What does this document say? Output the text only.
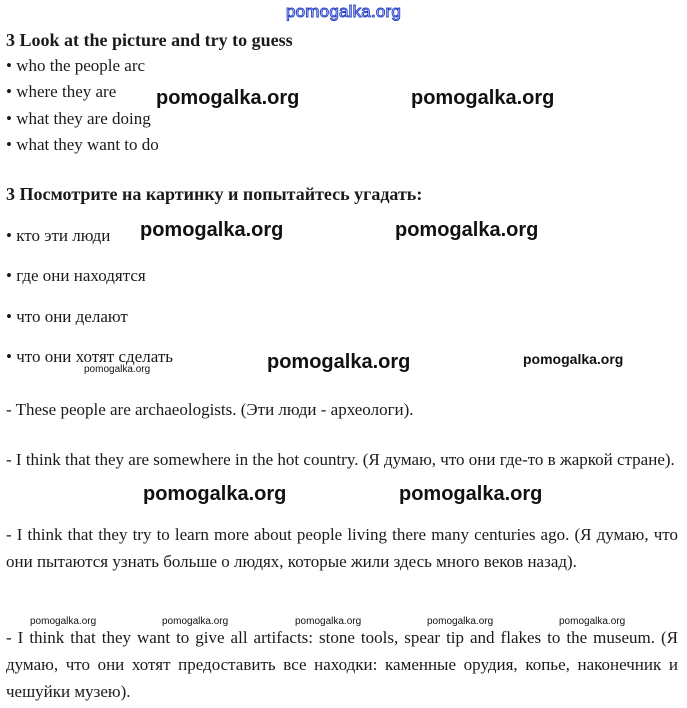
pomogalka.org
3 Look at the picture and try to guess
• who the people arc
• where they are
• what they are doing
• what they want to do
3 Посмотрите на картинку и попытайтесь угадать:
• кто эти люди
• где они находятся
• что они делают
• что они хотят сделать
- These people are archaeologists. (Эти люди - археологи).
- I think that they are somewhere in the hot country. (Я думаю, что они где-то в жаркой стране).
- I think that they try to learn more about people living there many centuries ago. (Я думаю, что они пытаются узнать больше о людях, которые жили здесь много веков назад).
- I think that they want to give all artifacts: stone tools, spear tip and flakes to the museum. (Я думаю, что они хотят предоставить все находки: каменные орудия, копье, наконечник и чешуйки музею).
pomogalka.org	pomogalka.org
pomogalka.org	pomogalka.org
pomogalka.org	pomogalka.org
pomogalka.org
pomogalka.org	pomogalka.org
pomogalka.org	pomogalka.org	pomogalka.org	pomogalka.org	pomogalka.org
